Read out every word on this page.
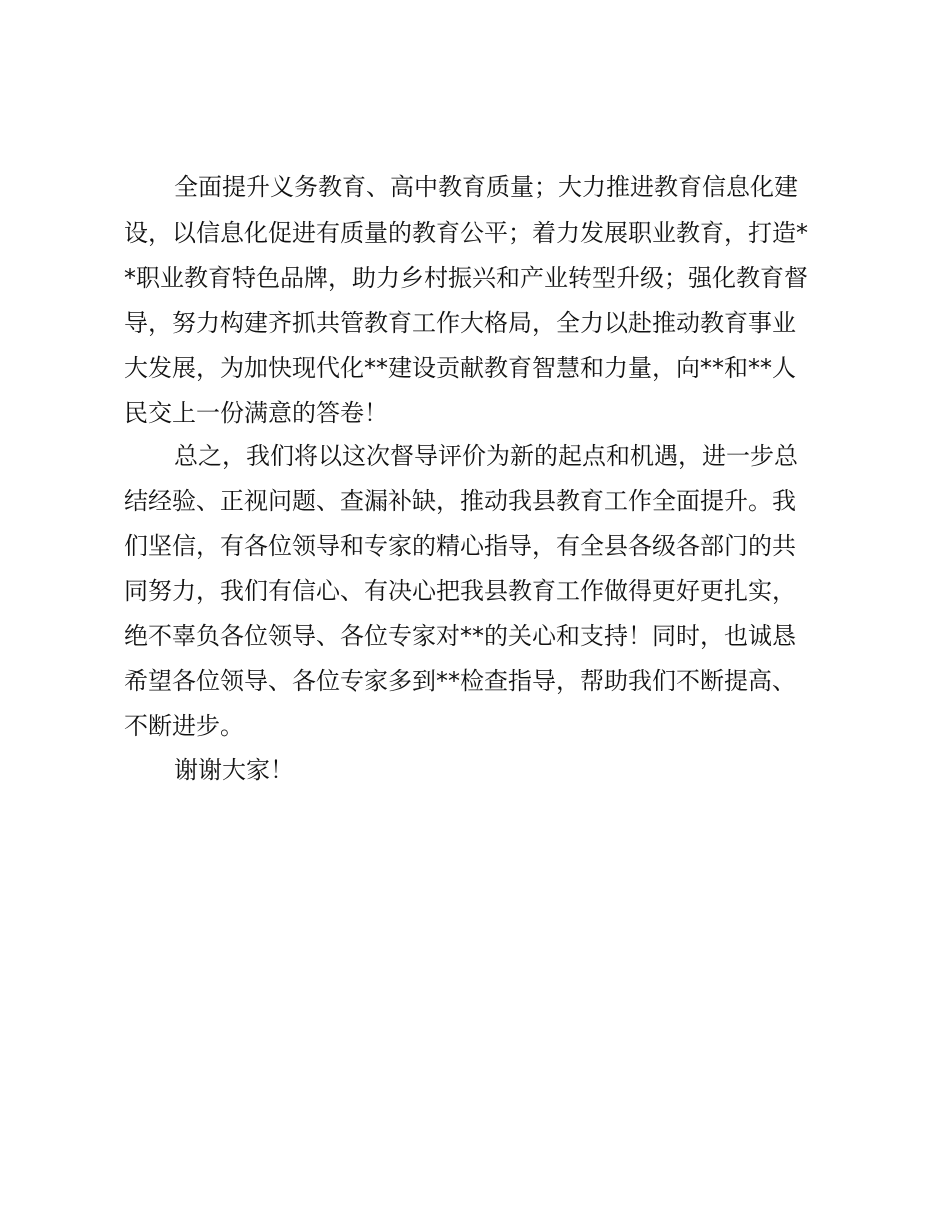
全面提升义务教育、高中教育质量；大力推进教育信息化建

设，以信息化促进有质量的教育公平；着力发展职业教育，打造*

*职业教育特色品牌，助力乡村振兴和产业转型升级；强化教育督

导，努力构建齐抓共管教育工作大格局，全力以赴推动教育事业

大发展，为加快现代化**建设贡献教育智慧和力量，向**和**人

民交上一份满意的答卷！

总之，我们将以这次督导评价为新的起点和机遇，进一步总

结经验、正视问题、查漏补缺，推动我县教育工作全面提升。我

们坚信，有各位领导和专家的精心指导，有全县各级各部门的共

同努力，我们有信心、有决心把我县教育工作做得更好更扎实，

绝不辜负各位领导、各位专家对**的关心和支持！同时，也诚恳

希望各位领导、各位专家多到**检查指导，帮助我们不断提高、

不断进步。

谢谢大家！
